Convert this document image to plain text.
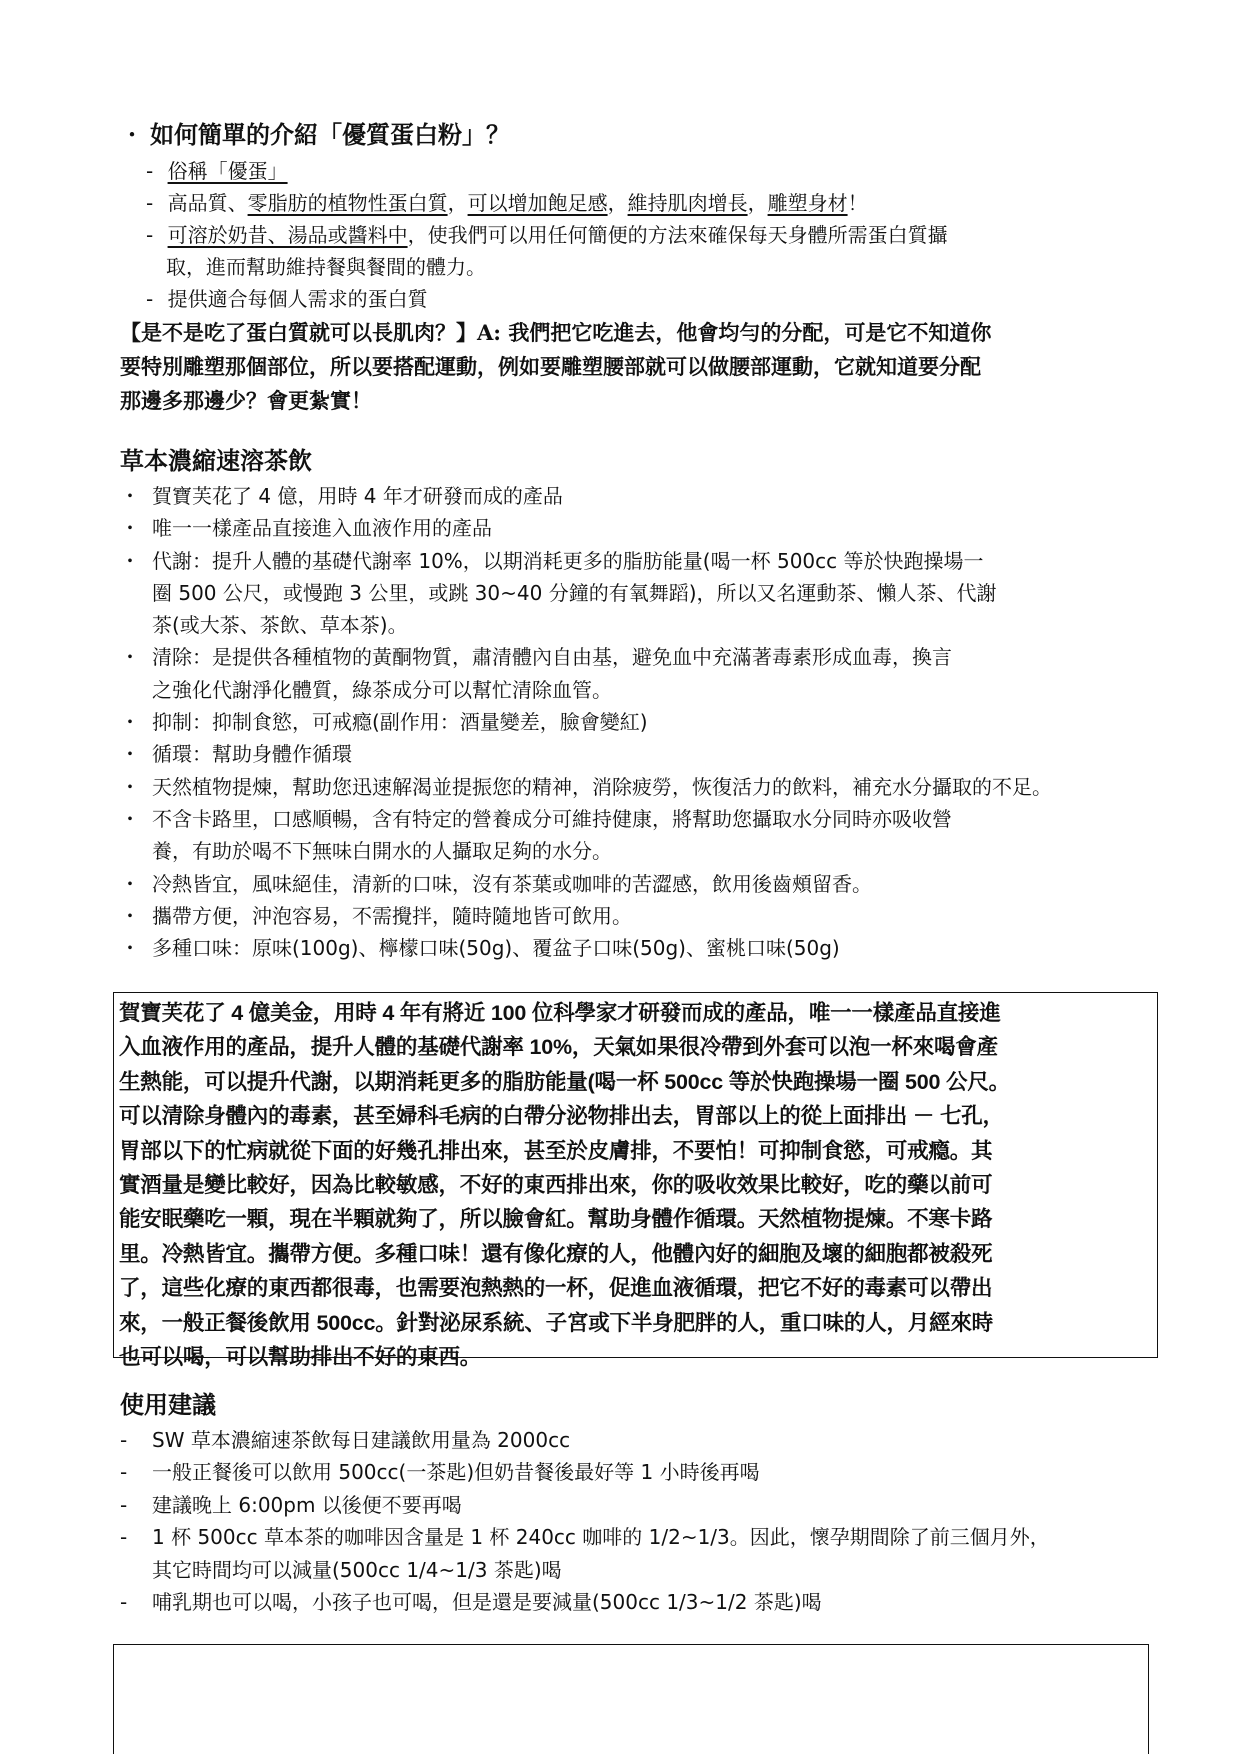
・ 如何簡單的介紹「優質蛋白粉」？
- 俗稱「優蛋」
- 高品質、零脂肪的植物性蛋白質，可以增加飽足感，維持肌肉增長，雕塑身材！
- 可溶於奶昔、湯品或醬料中，使我們可以用任何簡便的方法來確保每天身體所需蛋白質攝
取，進而幫助維持餐與餐間的體力。
- 提供適合每個人需求的蛋白質
【是不是吃了蛋白質就可以長肌肉？】A: 我們把它吃進去，他會均勻的分配，可是它不知道你
要特別雕塑那個部位，所以要搭配運動，例如要雕塑腰部就可以做腰部運動，它就知道要分配
那邊多那邊少？會更紮實！
草本濃縮速溶茶飲
・ 賀寶芙花了 4 億，用時 4 年才研發而成的產品
・ 唯一一樣產品直接進入血液作用的產品
・ 代謝：提升人體的基礎代謝率 10%，以期消耗更多的脂肪能量(喝一杯 500cc 等於快跑操場一
圈 500 公尺，或慢跑 3 公里，或跳 30~40 分鐘的有氧舞蹈)，所以又名運動茶、懶人茶、代謝
茶(或大茶、茶飲、草本茶)。
・ 清除：是提供各種植物的黃酮物質，肅清體內自由基，避免血中充滿著毒素形成血毒，換言
之強化代謝淨化體質，綠茶成分可以幫忙清除血管。
・ 抑制：抑制食慾，可戒瘾(副作用：酒量變差，臉會變紅)
・ 循環：幫助身體作循環
・ 天然植物提煉，幫助您迅速解渴並提振您的精神，消除疲勞，恢復活力的飲料，補充水分攝取的不足。
・ 不含卡路里，口感順暢，含有特定的營養成分可維持健康，將幫助您攝取水分同時亦吸收營
養，有助於喝不下無味白開水的人攝取足夠的水分。
・ 冷熱皆宜，風味絕佳，清新的口味，沒有茶葉或咖啡的苦澀感，飲用後齒頰留香。
・ 攜帶方便，沖泡容易，不需攪拌，隨時隨地皆可飲用。
・ 多種口味：原味(100g)、檸檬口味(50g)、覆盆子口味(50g)、蜜桃口味(50g)
賀寶芙花了 4 億美金，用時 4 年有將近 100 位科學家才研發而成的產品，唯一一樣產品直接進
入血液作用的產品，提升人體的基礎代謝率 10%，天氣如果很冷帶到外套可以泡一杯來喝會產
生熱能，可以提升代謝，以期消耗更多的脂肪能量(喝一杯 500cc 等於快跑操場一圈 500 公尺。
可以清除身體內的毒素，甚至婦科毛病的白帶分泌物排出去，胃部以上的從上面排出 － 七孔，
胃部以下的忙病就從下面的好幾孔排出來，甚至於皮膚排，不要怕！可抑制食慾，可戒瘾。其
實酒量是變比較好，因為比較敏感，不好的東西排出來，你的吸收效果比較好，吃的藥以前可
能安眠藥吃一顆，現在半顆就夠了，所以臉會紅。幫助身體作循環。天然植物提煉。不寒卡路
里。冷熱皆宜。攜帶方便。多種口味！還有像化療的人，他體內好的細胞及壞的細胞都被殺死
了，這些化療的東西都很毒，也需要泡熱熱的一杯，促進血液循環，把它不好的毒素可以帶出
來，一般正餐後飲用 500cc。針對泌尿系統、子宮或下半身肥胖的人，重口味的人，月經來時
也可以喝，可以幫助排出不好的東西。
使用建議
-	SW 草本濃縮速茶飲每日建議飲用量為 2000cc
-	一般正餐後可以飲用 500cc(一茶匙)但奶昔餐後最好等 1 小時後再喝
-	建議晚上 6:00pm 以後便不要再喝
-	1 杯 500cc 草本茶的咖啡因含量是 1 杯 240cc 咖啡的 1/2~1/3。因此，懷孕期間除了前三個月外，
其它時間均可以減量(500cc 1/4~1/3 茶匙)喝
-	哺乳期也可以喝，小孩子也可喝，但是還是要減量(500cc 1/3~1/2 茶匙)喝
